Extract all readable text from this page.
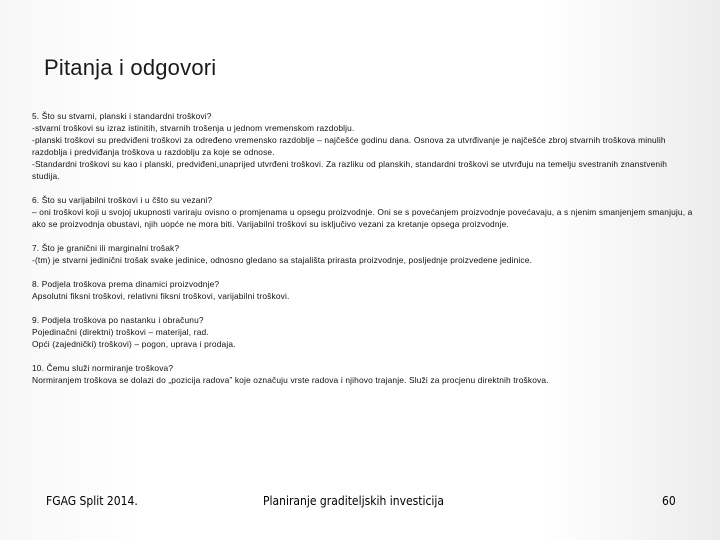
Pitanja i odgovori

5. Što su stvarni, planski i standardni troškovi?

-stvarni troškovi su izraz istinitih, stvarnih trošenja u jednom vremenskom razdoblju.

-planski troškovi su predviđeni troškovi za određeno vremensko razdoblje – najčešće godinu dana. Osnova za utvrđivanje je najčešće zbroj stvarnih troškova minulih razdoblja i predviđanja troškova u razdoblju za koje se odnose.

-Standardni troškovi su kao i planski, predviđeni,unaprijed utvrđeni troškovi. Za razliku od planskih, standardni troškovi se utvrđuju na temelju svestranih znanstvenih studija.

6. Što su varijabilni troškovi i u čšto su vezani?

– oni troškovi koji u svojoj ukupnosti variraju ovisno o promjenama u opsegu proizvodnje. Oni se s povećanjem proizvodnje povećavaju, a s njenim smanjenjem smanjuju, a ako se proizvodnja obustavi, njih uopće ne mora biti. Varijabilni troškovi su isključivo vezani za kretanje opsega proizvodnje.

7. Što je granični ili marginalni trošak?

-(tm) je stvarni jedinični trošak svake jedinice, odnosno gledano sa stajališta prirasta proizvodnje, posljednje proizvedene jedinice.

8. Podjela troškova prema dinamici proizvodnje?

Apsolutni fiksni troškovi, relativni fiksni troškovi, varijabilni troškovi.

9. Podjela troškova po nastanku i obračunu?

Pojedinačni (direktni) troškovi – materijal, rad.

Opći (zajednički) troškovi) – pogon, uprava i prodaja.

10. Čemu služi normiranje troškova?

Normiranjem troškova se dolazi do „pozicija radova” koje označuju vrste radova i njihovo trajanje. Služi za procjenu direktnih troškova.

FGAG Split 2014.	Planiranje graditeljskih investicija	60
